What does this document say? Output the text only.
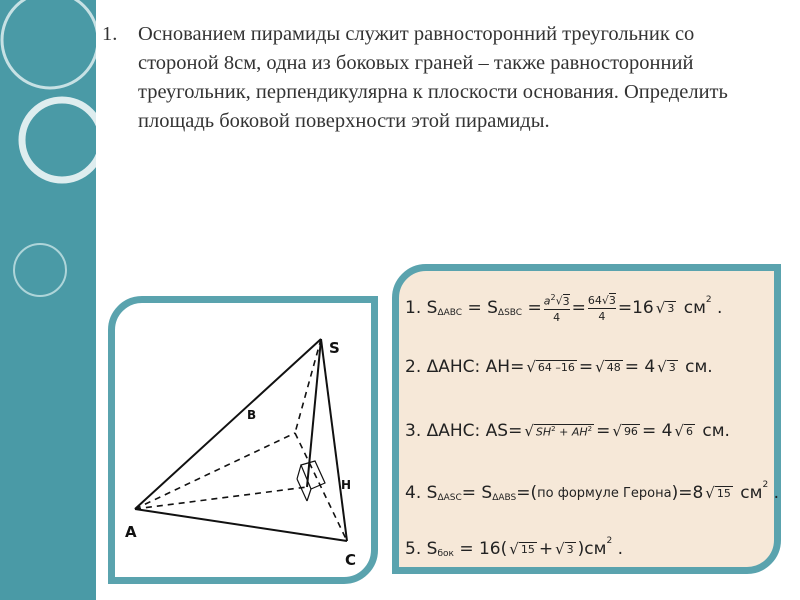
1. Основанием пирамиды служит равносторонний треугольник со стороной 8см, одна из боковых граней – также равносторонний треугольник, перпендикулярна к плоскости основания. Определить площадь боковой поверхности этой пирамиды.
S
B
H
A
C
1.
S ΔABC
=
S ΔSBC
= $\frac{a^2√3}{4} = \frac{64√3}{4} =16$ √ 3
см 2
.
2. ΔAHC: AH= √ 64 –16 = √ 48 = 4 √ 3
см.
3. ΔAHC: AS= √ $SH^2 + AH^2$ = √ 96 = 4 √ 6
см.
4.
S ΔASC = S ΔABS =( по формуле Герона )=8 √ 15
см 2
.
5.
S бок
= 16( √ 15 + √ 3 )см 2
.
